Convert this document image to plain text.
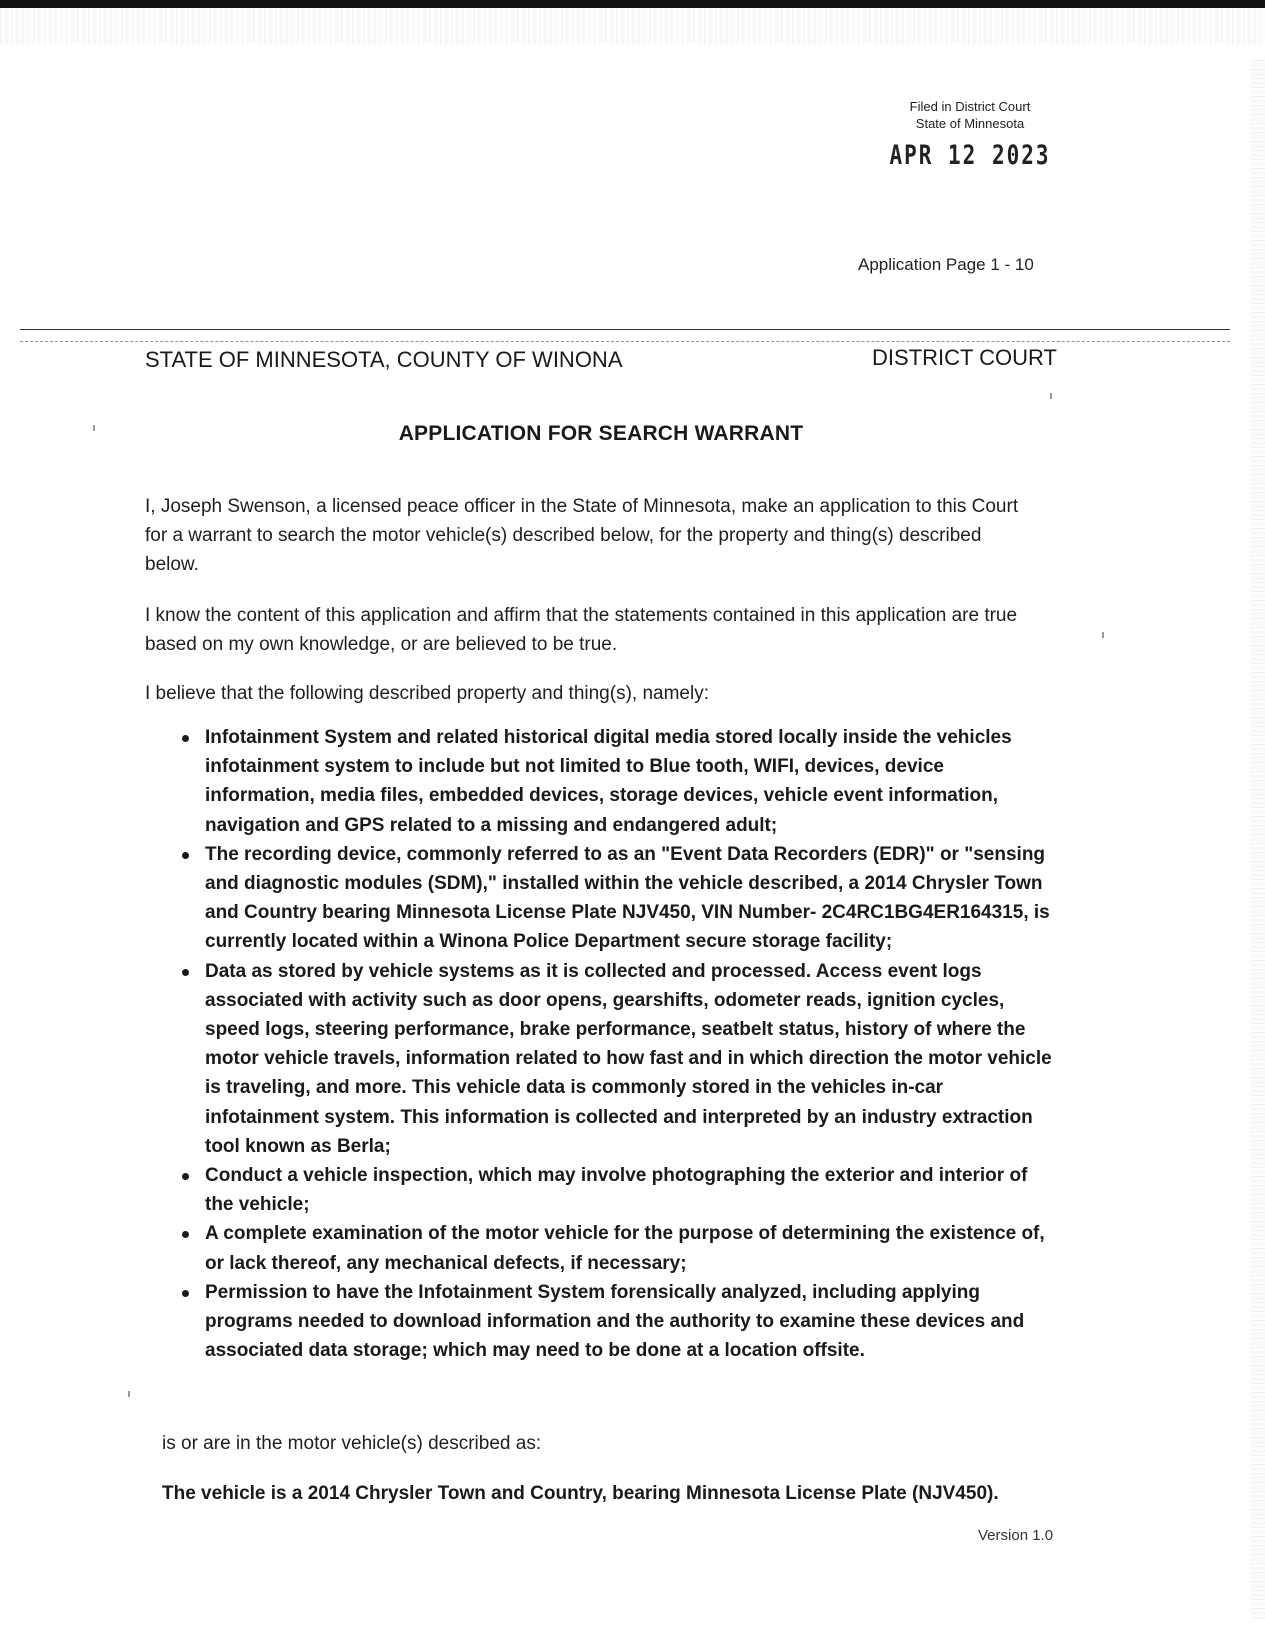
Filed in District Court
State of Minnesota
APR 12 2023
Application Page 1 - 10
STATE OF MINNESOTA, COUNTY OF WINONA	DISTRICT COURT
APPLICATION FOR SEARCH WARRANT
I, Joseph Swenson, a licensed peace officer in the State of Minnesota, make an application to this Court for a warrant to search the motor vehicle(s) described below, for the property and thing(s) described below.
I know the content of this application and affirm that the statements contained in this application are true based on my own knowledge, or are believed to be true.
I believe that the following described property and thing(s), namely:
Infotainment System and related historical digital media stored locally inside the vehicles infotainment system to include but not limited to Blue tooth, WIFI, devices, device information, media files, embedded devices, storage devices, vehicle event information, navigation and GPS related to a missing and endangered adult;
The recording device, commonly referred to as an "Event Data Recorders (EDR)" or "sensing and diagnostic modules (SDM)," installed within the vehicle described, a 2014 Chrysler Town and Country bearing Minnesota License Plate NJV450, VIN Number- 2C4RC1BG4ER164315, is currently located within a Winona Police Department secure storage facility;
Data as stored by vehicle systems as it is collected and processed. Access event logs associated with activity such as door opens, gearshifts, odometer reads, ignition cycles, speed logs, steering performance, brake performance, seatbelt status, history of where the motor vehicle travels, information related to how fast and in which direction the motor vehicle is traveling, and more. This vehicle data is commonly stored in the vehicles in-car infotainment system. This information is collected and interpreted by an industry extraction tool known as Berla;
Conduct a vehicle inspection, which may involve photographing the exterior and interior of the vehicle;
A complete examination of the motor vehicle for the purpose of determining the existence of, or lack thereof, any mechanical defects, if necessary;
Permission to have the Infotainment System forensically analyzed, including applying programs needed to download information and the authority to examine these devices and associated data storage; which may need to be done at a location offsite.
is or are in the motor vehicle(s) described as:
The vehicle is a 2014 Chrysler Town and Country, bearing Minnesota License Plate (NJV450).
Version 1.0
